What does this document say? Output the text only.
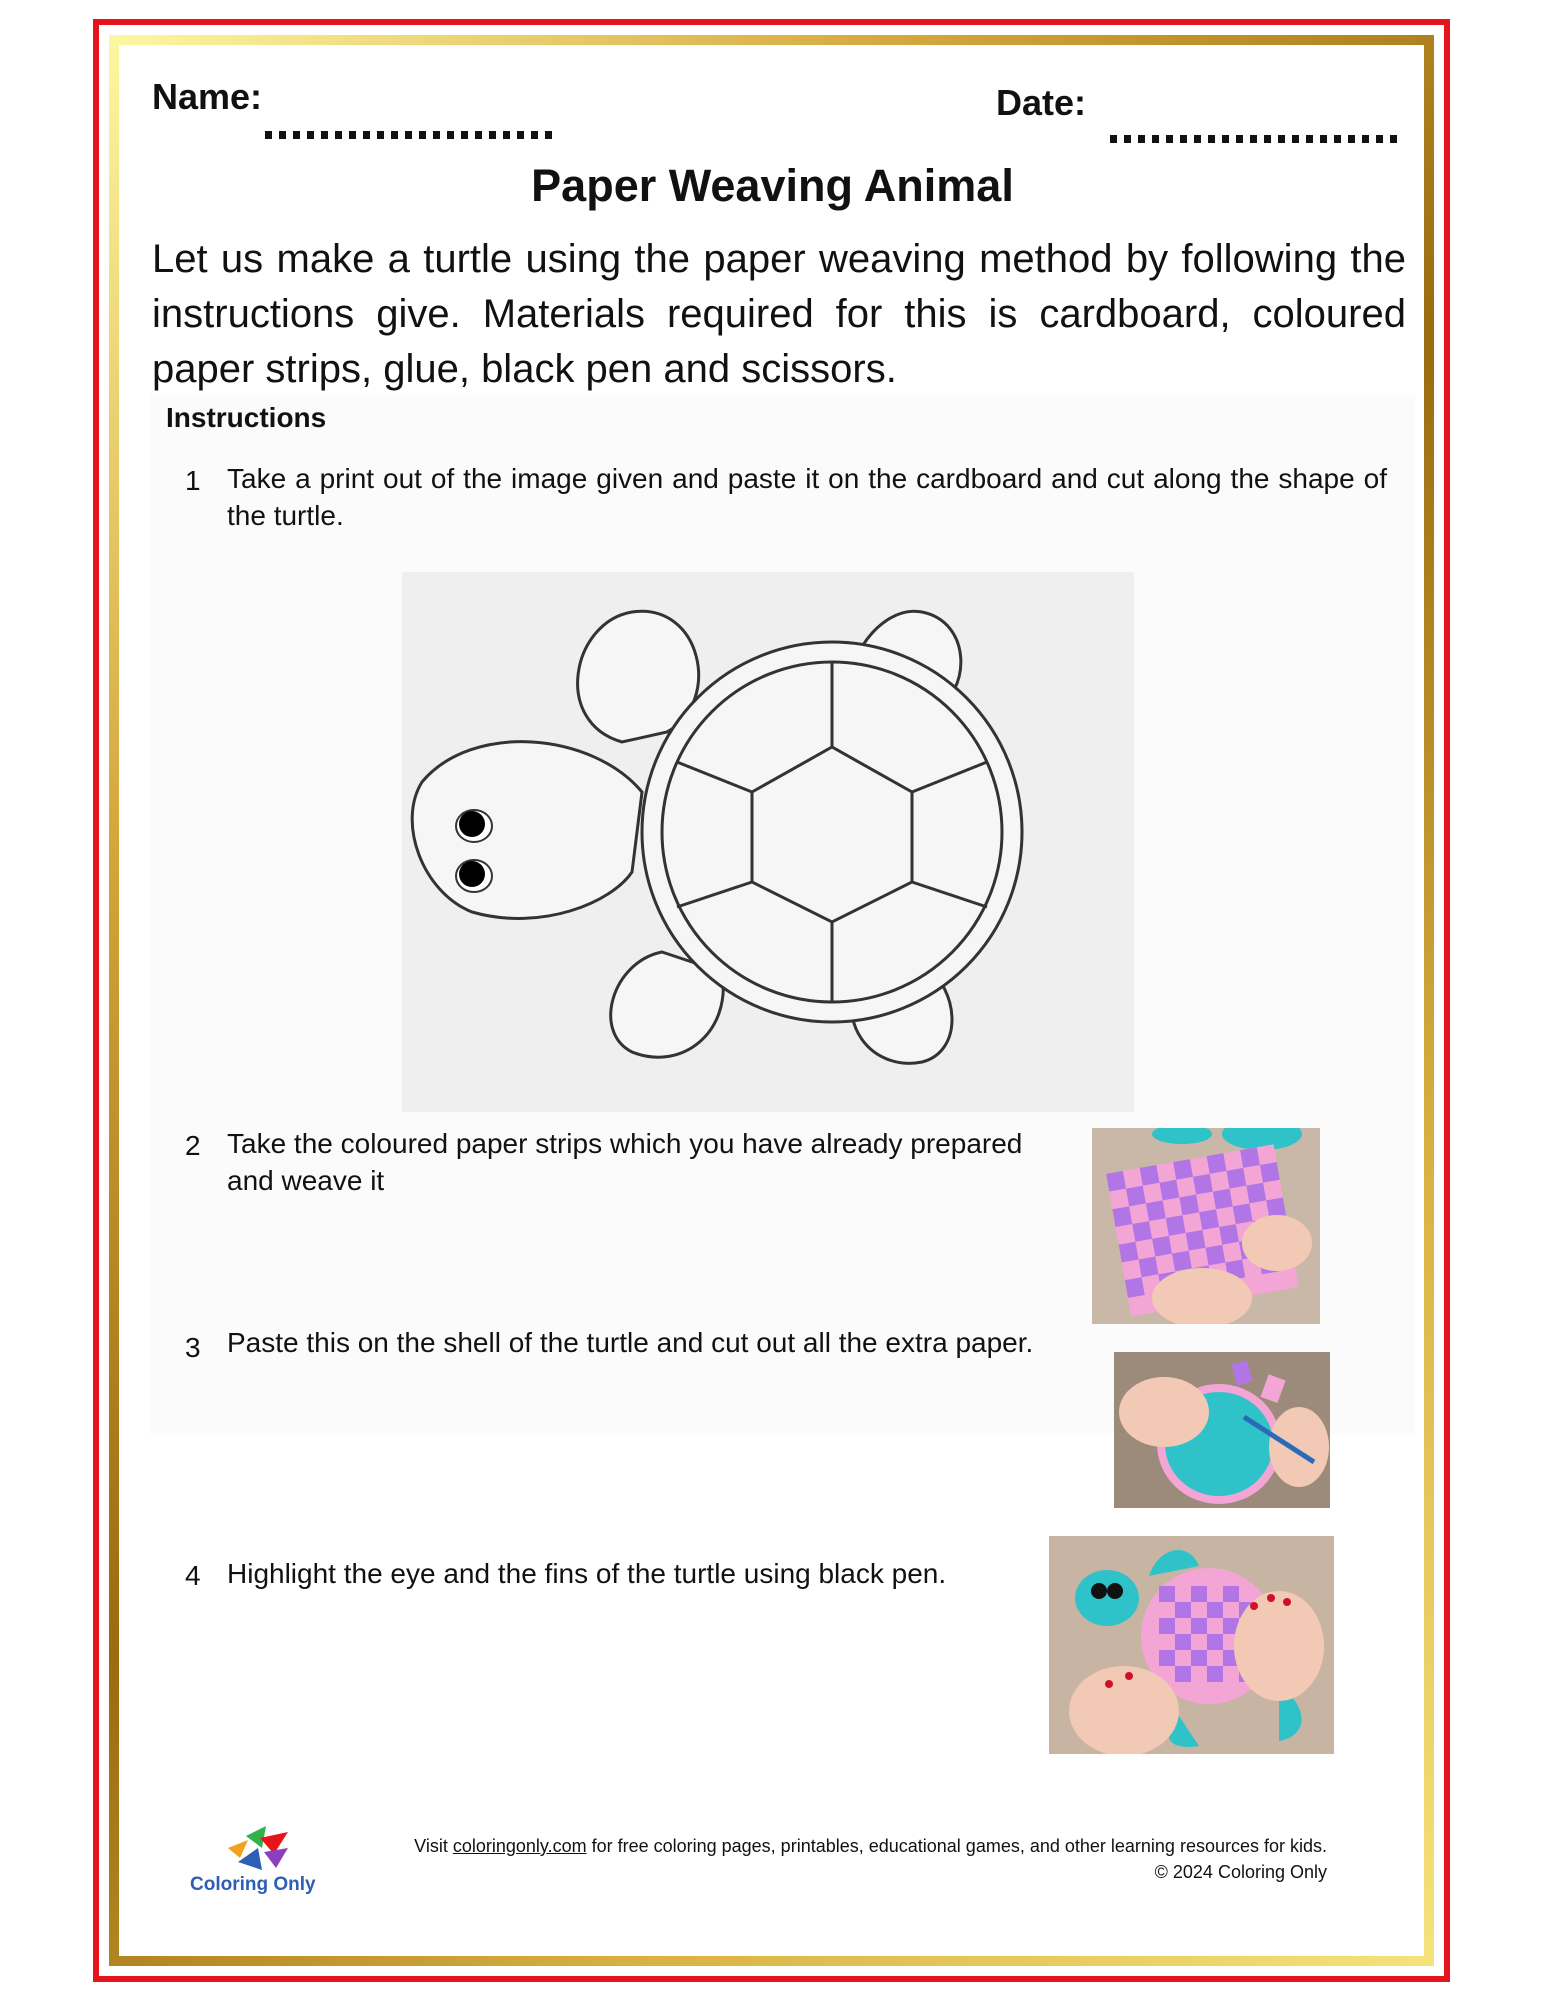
Name:	Date:
Paper Weaving Animal
Let us make a turtle using the paper weaving method by following the instructions give. Materials required for this is cardboard, coloured paper strips, glue, black pen and scissors.
Instructions
1 Take a print out of the image given and paste it on the cardboard and cut along the shape of the turtle.
2 Take the coloured paper strips which you have already prepared and weave it
3 Paste this on the shell of the turtle and cut out all the extra paper.
4 Highlight the eye and the fins of the turtle using black pen.
Coloring Only
Visit coloringonly.com for free coloring pages, printables, educational games, and other learning resources for kids.
© 2024 Coloring Only
